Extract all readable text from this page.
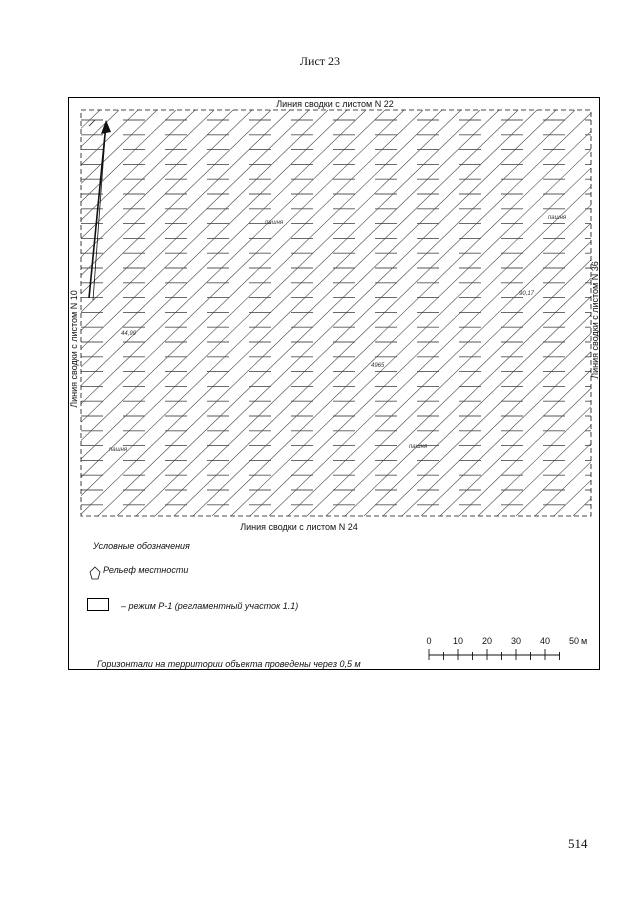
Лист 23
Линия сводки с листом N 22
Линия сводки с листом N 24
Линия сводки с листом N 10	Линия сводки с листом N 36
пашня
пашня
пашня	пашня
90,17
44,99
4965
Условные обозначения
Рельеф местности
– режим Р-1 (регламентный участок 1.1)
0 10 20 30 40 50 м
Горизонтали на территории объекта проведены через 0,5 м
514
